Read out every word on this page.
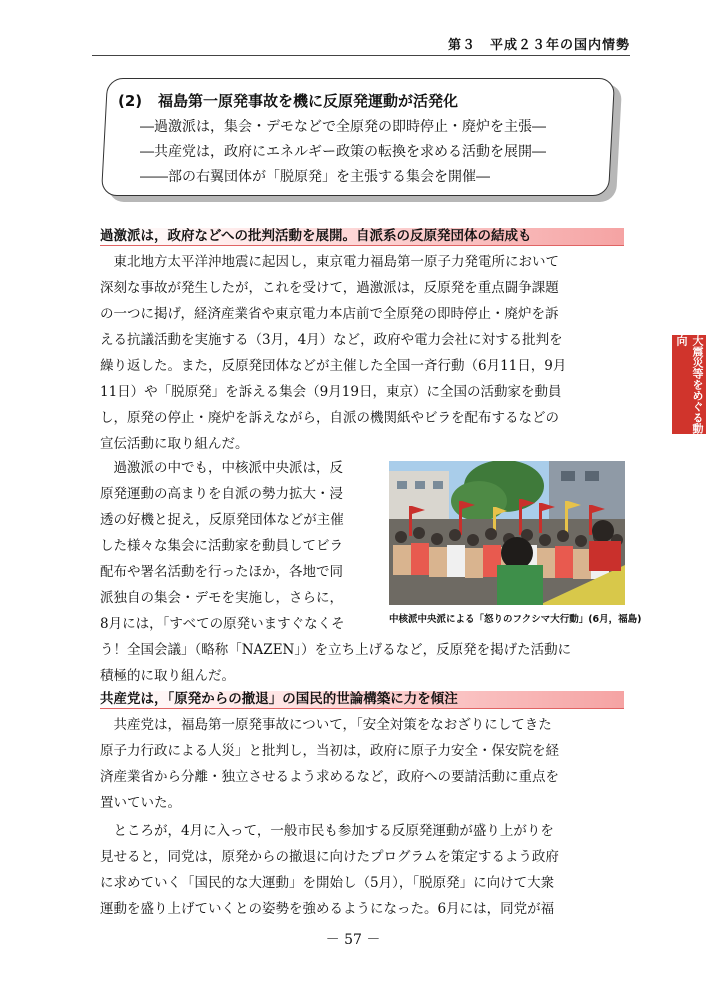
第３　平成２３年の国内情勢
(2) 福島第一原発事故を機に反原発運動が活発化
―過激派は，集会・デモなどで全原発の即時停止・廃炉を主張―
―共産党は，政府にエネルギー政策の転換を求める活動を展開―
――部の右翼団体が「脱原発」を主張する集会を開催―
大震災等をめぐる動向
過激派は，政府などへの批判活動を展開。自派系の反原発団体の結成も
　東北地方太平洋沖地震に起因し，東京電力福島第一原子力発電所において
深刻な事故が発生したが，これを受けて，過激派は，反原発を重点闘争課題
の一つに掲げ，経済産業省や東京電力本店前で全原発の即時停止・廃炉を訴
える抗議活動を実施する（3月，4月）など，政府や電力会社に対する批判を
繰り返した。また，反原発団体などが主催した全国一斉行動（6月11日，9月
11日）や「脱原発」を訴える集会（9月19日，東京）に全国の活動家を動員
し，原発の停止・廃炉を訴えながら，自派の機関紙やビラを配布するなどの
宣伝活動に取り組んだ。
　過激派の中でも，中核派中央派は，反
原発運動の高まりを自派の勢力拡大・浸
透の好機と捉え，反原発団体などが主催
した様々な集会に活動家を動員してビラ
配布や署名活動を行ったほか，各地で同
派独自の集会・デモを実施し，さらに，
8月には，「すべての原発いますぐなくそ
う！全国会議」（略称「NAZEN」）を立ち上げるなど，反原発を掲げた活動に
積極的に取り組んだ。
中核派中央派による「怒りのフクシマ大行動」(6月，福島)
共産党は，「原発からの撤退」の国民的世論構築に力を傾注
　共産党は，福島第一原発事故について，「安全対策をなおざりにしてきた
原子力行政による人災」と批判し，当初は，政府に原子力安全・保安院を経
済産業省から分離・独立させるよう求めるなど，政府への要請活動に重点を
置いていた。
　ところが，4月に入って，一般市民も参加する反原発運動が盛り上がりを
見せると，同党は，原発からの撤退に向けたプログラムを策定するよう政府
に求めていく「国民的な大運動」を開始し（5月），「脱原発」に向けて大衆
運動を盛り上げていくとの姿勢を強めるようになった。6月には，同党が福
－ 57 －
